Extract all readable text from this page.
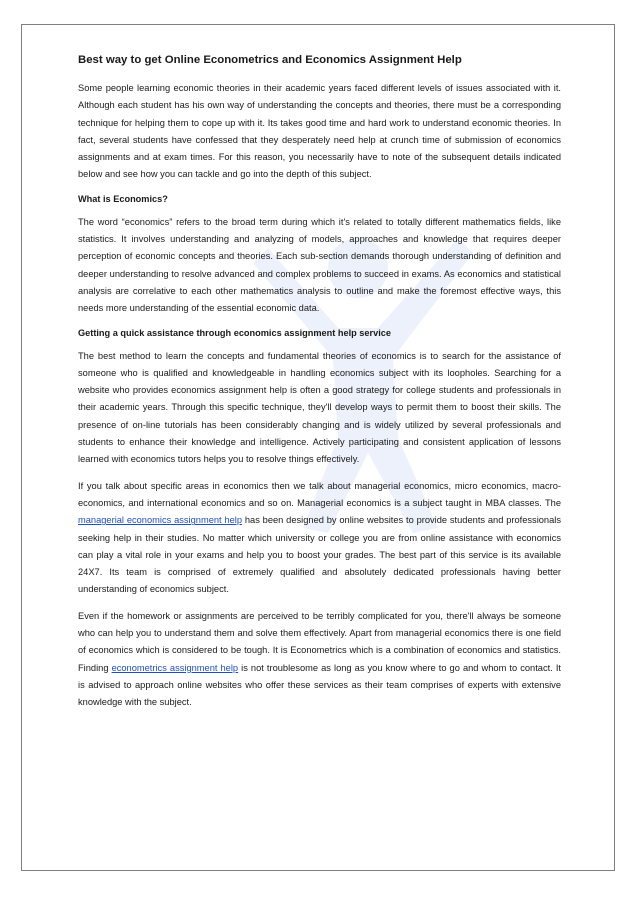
Best way to get Online Econometrics and Economics Assignment Help

Some people learning economic theories in their academic years faced different levels of issues associated with it. Although each student has his own way of understanding the concepts and theories, there must be a corresponding technique for helping them to cope up with it. Its takes good time and hard work to understand economic theories. In fact, several students have confessed that they desperately need help at crunch time of submission of economics assignments and at exam times. For this reason, you necessarily have to note of the subsequent details indicated below and see how you can tackle and go into the depth of this subject.

What is Economics?

The word “economics” refers to the broad term during which it's related to totally different mathematics fields, like statistics. It involves understanding and analyzing of models, approaches and knowledge that requires deeper perception of economic concepts and theories. Each sub-section demands thorough understanding of definition and deeper understanding to resolve advanced and complex problems to succeed in exams. As economics and statistical analysis are correlative to each other mathematics analysis to outline and make the foremost effective ways, this needs more understanding of the essential economic data.

Getting a quick assistance through economics assignment help service

The best method to learn the concepts and fundamental theories of economics is to search for the assistance of someone who is qualified and knowledgeable in handling economics subject with its loopholes. Searching for a website who provides economics assignment help is often a good strategy for college students and professionals in their academic years. Through this specific technique, they'll develop ways to permit them to boost their skills. The presence of on-line tutorials has been considerably changing and is widely utilized by several professionals and students to enhance their knowledge and intelligence. Actively participating and consistent application of lessons learned with economics tutors helps you to resolve things effectively.

If you talk about specific areas in economics then we talk about managerial economics, micro economics, macro-economics, and international economics and so on. Managerial economics is a subject taught in MBA classes. The managerial economics assignment help has been designed by online websites to provide students and professionals seeking help in their studies. No matter which university or college you are from online assistance with economics can play a vital role in your exams and help you to boost your grades. The best part of this service is its available 24X7. Its team is comprised of extremely qualified and absolutely dedicated professionals having better understanding of economics subject.

Even if the homework or assignments are perceived to be terribly complicated for you, there'll always be someone who can help you to understand them and solve them effectively. Apart from managerial economics there is one field of economics which is considered to be tough. It is Econometrics which is a combination of economics and statistics. Finding econometrics assignment help is not troublesome as long as you know where to go and whom to contact. It is advised to approach online websites who offer these services as their team comprises of experts with extensive knowledge with the subject.
